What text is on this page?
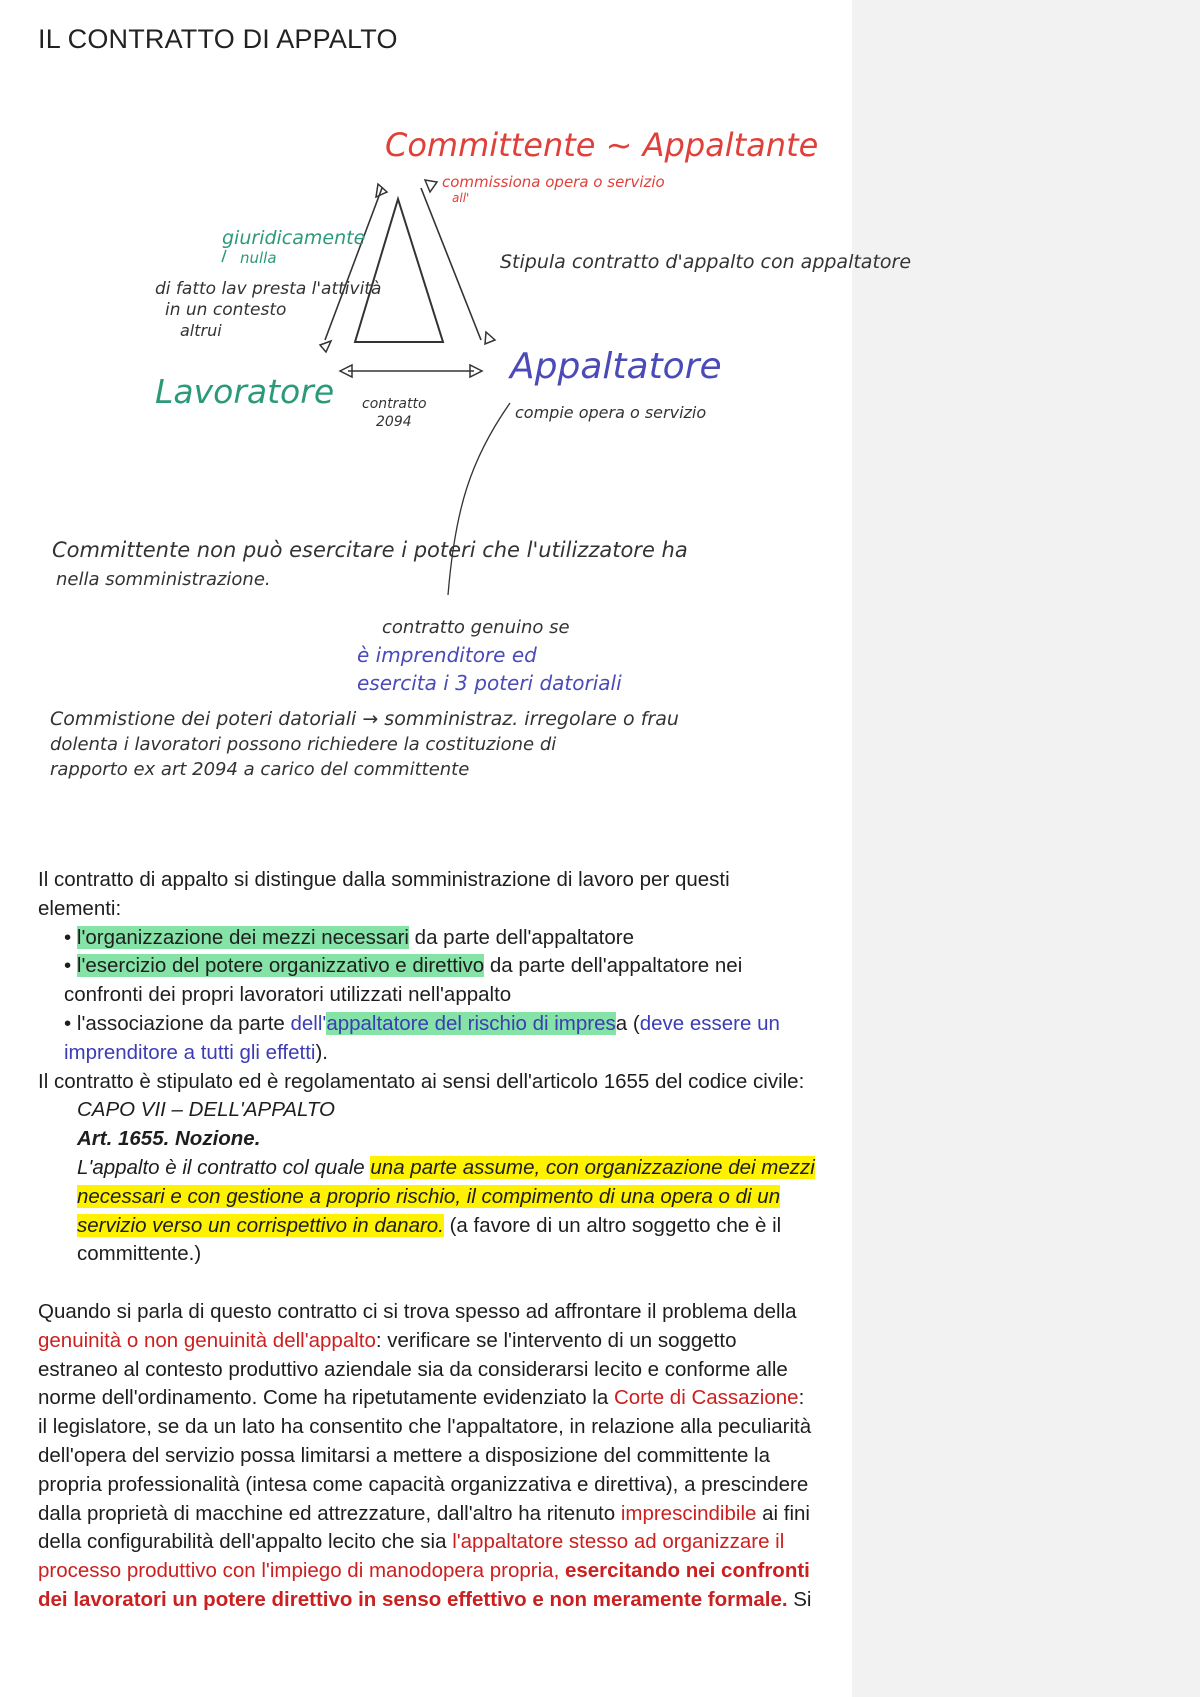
IL CONTRATTO DI APPALTO
Committente ~ Appaltante
commissiona opera o servizio
all'
Stipula contratto d'appalto con appaltatore
giuridicamente
nulla
di fatto lav presta l'attività
in un contesto
altrui
Lavoratore
Appaltatore
contratto
2094	compie opera o servizio
Committente non può esercitare i poteri che l'utilizzatore ha
nella somministrazione.
contratto genuino se
è imprenditore ed
esercita i 3 poteri datoriali
Commistione dei poteri datoriali → somministraz. irregolare o frau
dolenta i lavoratori possono richiedere la costituzione di
rapporto ex art 2094 a carico del committente

Il contratto di appalto si distingue dalla somministrazione di lavoro per questi elementi:

• l'organizzazione dei mezzi necessari da parte dell'appaltatore

• l'esercizio del potere organizzativo e direttivo da parte dell'appaltatore nei confronti dei propri lavoratori utilizzati nell'appalto

• l'associazione da parte dell'appaltatore del rischio di impresa (deve essere un imprenditore a tutti gli effetti).

Il contratto è stipulato ed è regolamentato ai sensi dell'articolo 1655 del codice civile:

CAPO VII – DELL'APPALTO

Art. 1655. Nozione.

L'appalto è il contratto col quale una parte assume, con organizzazione dei mezzi necessari e con gestione a proprio rischio, il compimento di una opera o di un servizio verso un corrispettivo in danaro. (a favore di un altro soggetto che è il committente.)

Quando si parla di questo contratto ci si trova spesso ad affrontare il problema della genuinità o non genuinità dell'appalto: verificare se l'intervento di un soggetto estraneo al contesto produttivo aziendale sia da considerarsi lecito e conforme alle norme dell'ordinamento. Come ha ripetutamente evidenziato la Corte di Cassazione: il legislatore, se da un lato ha consentito che l'appaltatore, in relazione alla peculiarità dell'opera del servizio possa limitarsi a mettere a disposizione del committente la propria professionalità (intesa come capacità organizzativa e direttiva), a prescindere dalla proprietà di macchine ed attrezzature, dall'altro ha ritenuto imprescindibile ai fini della configurabilità dell'appalto lecito che sia l'appaltatore stesso ad organizzare il processo produttivo con l'impiego di manodopera propria, esercitando nei confronti dei lavoratori un potere direttivo in senso effettivo e non meramente formale. Si
